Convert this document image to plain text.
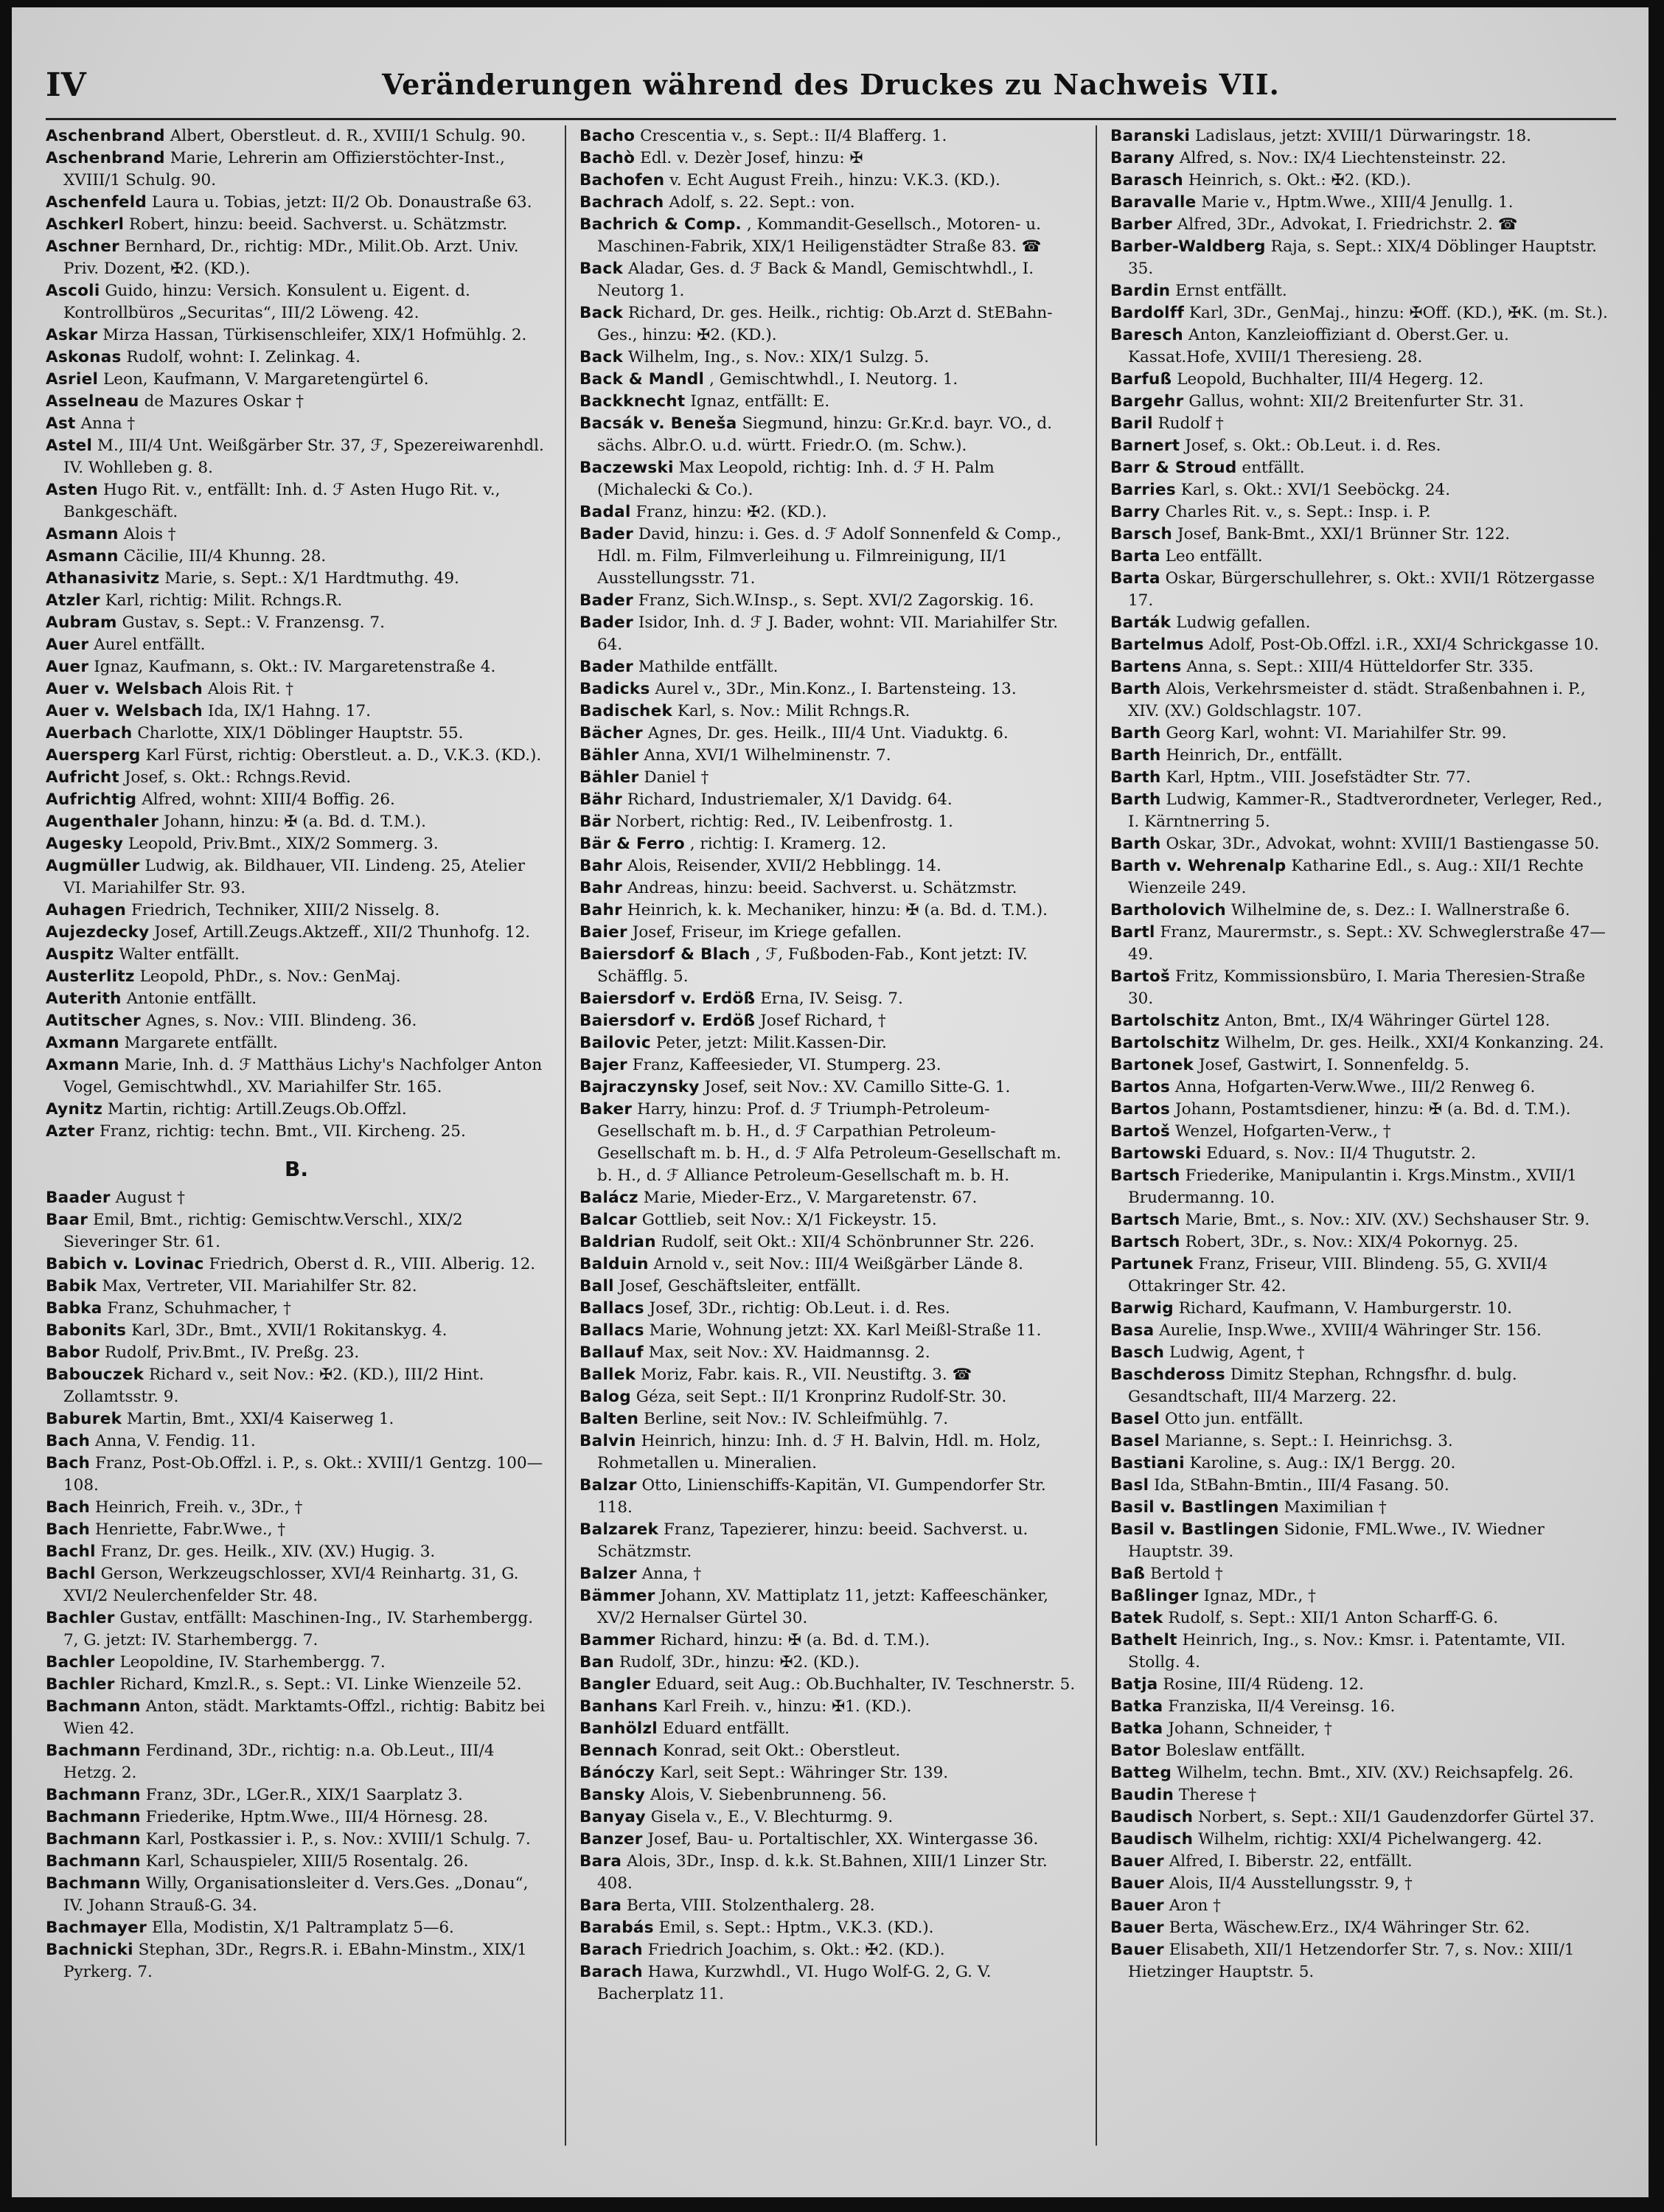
IV	Veränderungen während des Druckes zu Nachweis VII.

Aschenbrand Albert, Oberstleut. d. R., XVIII/1 Schulg. 90.

Aschenbrand Marie, Lehrerin am Offizierstöchter-Inst., XVIII/1 Schulg. 90.

Aschenfeld Laura u. Tobias, jetzt: II/2 Ob. Donaustraße 63.

Aschkerl Robert, hinzu: beeid. Sachverst. u. Schätzmstr.

Aschner Bernhard, Dr., richtig: MDr., Milit.Ob. Arzt. Univ. Priv. Dozent, ✠2. (KD.).

Ascoli Guido, hinzu: Versich. Konsulent u. Eigent. d. Kontrollbüros „Securitas“, III/2 Löweng. 42.

Askar Mirza Hassan, Türkisenschleifer, XIX/1 Hofmühlg. 2.

Askonas Rudolf, wohnt: I. Zelinkag. 4.

Asriel Leon, Kaufmann, V. Margaretengürtel 6.

Asselneau de Mazures Oskar †

Ast Anna †

Astel M., III/4 Unt. Weißgärber Str. 37, ℱ, Spezereiwarenhdl. IV. Wohlleben g. 8.

Asten Hugo Rit. v., entfällt: Inh. d. ℱ Asten Hugo Rit. v., Bankgeschäft.

Asmann Alois †

Asmann Cäcilie, III/4 Khunng. 28.

Athanasivitz Marie, s. Sept.: X/1 Hardtmuthg. 49.

Atzler Karl, richtig: Milit. Rchngs.R.

Aubram Gustav, s. Sept.: V. Franzensg. 7.

Auer Aurel entfällt.

Auer Ignaz, Kaufmann, s. Okt.: IV. Margaretenstraße 4.

Auer v. Welsbach Alois Rit. †

Auer v. Welsbach Ida, IX/1 Hahng. 17.

Auerbach Charlotte, XIX/1 Döblinger Hauptstr. 55.

Auersperg Karl Fürst, richtig: Oberstleut. a. D., V.K.3. (KD.).

Aufricht Josef, s. Okt.: Rchngs.Revid.

Aufrichtig Alfred, wohnt: XIII/4 Boffig. 26.

Augenthaler Johann, hinzu: ✠ (a. Bd. d. T.M.).

Augesky Leopold, Priv.Bmt., XIX/2 Sommerg. 3.

Augmüller Ludwig, ak. Bildhauer, VII. Lindeng. 25, Atelier VI. Mariahilfer Str. 93.

Auhagen Friedrich, Techniker, XIII/2 Nisselg. 8.

Aujezdecky Josef, Artill.Zeugs.Aktzeff., XII/2 Thunhofg. 12.

Auspitz Walter entfällt.

Austerlitz Leopold, PhDr., s. Nov.: GenMaj.

Auterith Antonie entfällt.

Autitscher Agnes, s. Nov.: VIII. Blindeng. 36.

Axmann Margarete entfällt.

Axmann Marie, Inh. d. ℱ Matthäus Lichy's Nachfolger Anton Vogel, Gemischtwhdl., XV. Mariahilfer Str. 165.

Aynitz Martin, richtig: Artill.Zeugs.Ob.Offzl.

Azter Franz, richtig: techn. Bmt., VII. Kircheng. 25.

B.

Baader August †

Baar Emil, Bmt., richtig: Gemischtw.Verschl., XIX/2 Sieveringer Str. 61.

Babich v. Lovinac Friedrich, Oberst d. R., VIII. Alberig. 12.

Babik Max, Vertreter, VII. Mariahilfer Str. 82.

Babka Franz, Schuhmacher, †

Babonits Karl, 3Dr., Bmt., XVII/1 Rokitanskyg. 4.

Babor Rudolf, Priv.Bmt., IV. Preßg. 23.

Babouczek Richard v., seit Nov.: ✠2. (KD.), III/2 Hint. Zollamtsstr. 9.

Baburek Martin, Bmt., XXI/4 Kaiserweg 1.

Bach Anna, V. Fendig. 11.

Bach Franz, Post-Ob.Offzl. i. P., s. Okt.: XVIII/1 Gentzg. 100—108.

Bach Heinrich, Freih. v., 3Dr., †

Bach Henriette, Fabr.Wwe., †

Bachl Franz, Dr. ges. Heilk., XIV. (XV.) Hugig. 3.

Bachl Gerson, Werkzeugschlosser, XVI/4 Reinhartg. 31, G. XVI/2 Neulerchenfelder Str. 48.

Bachler Gustav, entfällt: Maschinen-Ing., IV. Starhembergg. 7, G. jetzt: IV. Starhembergg. 7.

Bachler Leopoldine, IV. Starhembergg. 7.

Bachler Richard, Kmzl.R., s. Sept.: VI. Linke Wienzeile 52.

Bachmann Anton, städt. Marktamts-Offzl., richtig: Babitz bei Wien 42.

Bachmann Ferdinand, 3Dr., richtig: n.a. Ob.Leut., III/4 Hetzg. 2.

Bachmann Franz, 3Dr., LGer.R., XIX/1 Saarplatz 3.

Bachmann Friederike, Hptm.Wwe., III/4 Hörnesg. 28.

Bachmann Karl, Postkassier i. P., s. Nov.: XVIII/1 Schulg. 7.

Bachmann Karl, Schauspieler, XIII/5 Rosentalg. 26.

Bachmann Willy, Organisationsleiter d. Vers.Ges. „Donau“, IV. Johann Strauß-G. 34.

Bachmayer Ella, Modistin, X/1 Paltramplatz 5—6.

Bachnicki Stephan, 3Dr., Regrs.R. i. EBahn-Minstm., XIX/1 Pyrkerg. 7.

Bacho Crescentia v., s. Sept.: II/4 Blafferg. 1.

Bachò Edl. v. Dezèr Josef, hinzu: ✠

Bachofen v. Echt August Freih., hinzu: V.K.3. (KD.).

Bachrach Adolf, s. 22. Sept.: von.

Bachrich & Comp. , Kommandit-Gesellsch., Motoren- u. Maschinen-Fabrik, XIX/1 Heiligenstädter Straße 83. ☎

Back Aladar, Ges. d. ℱ Back & Mandl, Gemischtwhdl., I. Neutorg 1.

Back Richard, Dr. ges. Heilk., richtig: Ob.Arzt d. StEBahn-Ges., hinzu: ✠2. (KD.).

Back Wilhelm, Ing., s. Nov.: XIX/1 Sulzg. 5.

Back & Mandl , Gemischtwhdl., I. Neutorg. 1.

Backknecht Ignaz, entfällt: E.

Bacsák v. Beneša Siegmund, hinzu: Gr.Kr.d. bayr. VO., d. sächs. Albr.O. u.d. württ. Friedr.O. (m. Schw.).

Baczewski Max Leopold, richtig: Inh. d. ℱ H. Palm (Michalecki & Co.).

Badal Franz, hinzu: ✠2. (KD.).

Bader David, hinzu: i. Ges. d. ℱ Adolf Sonnenfeld & Comp., Hdl. m. Film, Filmverleihung u. Filmreinigung, II/1 Ausstellungsstr. 71.

Bader Franz, Sich.W.Insp., s. Sept. XVI/2 Zagorskig. 16.

Bader Isidor, Inh. d. ℱ J. Bader, wohnt: VII. Mariahilfer Str. 64.

Bader Mathilde entfällt.

Badicks Aurel v., 3Dr., Min.Konz., I. Bartensteing. 13.

Badischek Karl, s. Nov.: Milit Rchngs.R.

Bächer Agnes, Dr. ges. Heilk., III/4 Unt. Viaduktg. 6.

Bähler Anna, XVI/1 Wilhelminenstr. 7.

Bähler Daniel †

Bähr Richard, Industriemaler, X/1 Davidg. 64.

Bär Norbert, richtig: Red., IV. Leibenfrostg. 1.

Bär & Ferro , richtig: I. Kramerg. 12.

Bahr Alois, Reisender, XVII/2 Hebblingg. 14.

Bahr Andreas, hinzu: beeid. Sachverst. u. Schätzmstr.

Bahr Heinrich, k. k. Mechaniker, hinzu: ✠ (a. Bd. d. T.M.).

Baier Josef, Friseur, im Kriege gefallen.

Baiersdorf & Blach , ℱ, Fußboden-Fab., Kont jetzt: IV. Schäfflg. 5.

Baiersdorf v. Erdöß Erna, IV. Seisg. 7.

Baiersdorf v. Erdöß Josef Richard, †

Bailovic Peter, jetzt: Milit.Kassen-Dir.

Bajer Franz, Kaffeesieder, VI. Stumperg. 23.

Bajraczynsky Josef, seit Nov.: XV. Camillo Sitte-G. 1.

Baker Harry, hinzu: Prof. d. ℱ Triumph-Petroleum-Gesellschaft m. b. H., d. ℱ Carpathian Petroleum-Gesellschaft m. b. H., d. ℱ Alfa Petroleum-Gesellschaft m. b. H., d. ℱ Alliance Petroleum-Gesellschaft m. b. H.

Balácz Marie, Mieder-Erz., V. Margaretenstr. 67.

Balcar Gottlieb, seit Nov.: X/1 Fickeystr. 15.

Baldrian Rudolf, seit Okt.: XII/4 Schönbrunner Str. 226.

Balduin Arnold v., seit Nov.: III/4 Weißgärber Lände 8.

Ball Josef, Geschäftsleiter, entfällt.

Ballacs Josef, 3Dr., richtig: Ob.Leut. i. d. Res.

Ballacs Marie, Wohnung jetzt: XX. Karl Meißl-Straße 11.

Ballauf Max, seit Nov.: XV. Haidmannsg. 2.

Ballek Moriz, Fabr. kais. R., VII. Neustiftg. 3. ☎

Balog Géza, seit Sept.: II/1 Kronprinz Rudolf-Str. 30.

Balten Berline, seit Nov.: IV. Schleifmühlg. 7.

Balvin Heinrich, hinzu: Inh. d. ℱ H. Balvin, Hdl. m. Holz, Rohmetallen u. Mineralien.

Balzar Otto, Linienschiffs-Kapitän, VI. Gumpendorfer Str. 118.

Balzarek Franz, Tapezierer, hinzu: beeid. Sachverst. u. Schätzmstr.

Balzer Anna, †

Bämmer Johann, XV. Mattiplatz 11, jetzt: Kaffeeschänker, XV/2 Hernalser Gürtel 30.

Bammer Richard, hinzu: ✠ (a. Bd. d. T.M.).

Ban Rudolf, 3Dr., hinzu: ✠2. (KD.).

Bangler Eduard, seit Aug.: Ob.Buchhalter, IV. Teschnerstr. 5.

Banhans Karl Freih. v., hinzu: ✠1. (KD.).

Banhölzl Eduard entfällt.

Bennach Konrad, seit Okt.: Oberstleut.

Bánóczy Karl, seit Sept.: Währinger Str. 139.

Bansky Alois, V. Siebenbrunneng. 56.

Banyay Gisela v., E., V. Blechturmg. 9.

Banzer Josef, Bau- u. Portaltischler, XX. Wintergasse 36.

Bara Alois, 3Dr., Insp. d. k.k. St.Bahnen, XIII/1 Linzer Str. 408.

Bara Berta, VIII. Stolzenthalerg. 28.

Barabás Emil, s. Sept.: Hptm., V.K.3. (KD.).

Barach Friedrich Joachim, s. Okt.: ✠2. (KD.).

Barach Hawa, Kurzwhdl., VI. Hugo Wolf-G. 2, G. V. Bacherplatz 11.

Baranski Ladislaus, jetzt: XVIII/1 Dürwaringstr. 18.

Barany Alfred, s. Nov.: IX/4 Liechtensteinstr. 22.

Barasch Heinrich, s. Okt.: ✠2. (KD.).

Baravalle Marie v., Hptm.Wwe., XIII/4 Jenullg. 1.

Barber Alfred, 3Dr., Advokat, I. Friedrichstr. 2. ☎

Barber-Waldberg Raja, s. Sept.: XIX/4 Döblinger Hauptstr. 35.

Bardin Ernst entfällt.

Bardolff Karl, 3Dr., GenMaj., hinzu: ✠Off. (KD.), ✠K. (m. St.).

Baresch Anton, Kanzleioffiziant d. Oberst.Ger. u. Kassat.Hofe, XVIII/1 Theresieng. 28.

Barfuß Leopold, Buchhalter, III/4 Hegerg. 12.

Bargehr Gallus, wohnt: XII/2 Breitenfurter Str. 31.

Baril Rudolf †

Barnert Josef, s. Okt.: Ob.Leut. i. d. Res.

Barr & Stroud entfällt.

Barries Karl, s. Okt.: XVI/1 Seeböckg. 24.

Barry Charles Rit. v., s. Sept.: Insp. i. P.

Barsch Josef, Bank-Bmt., XXI/1 Brünner Str. 122.

Barta Leo entfällt.

Barta Oskar, Bürgerschullehrer, s. Okt.: XVII/1 Rötzergasse 17.

Barták Ludwig gefallen.

Bartelmus Adolf, Post-Ob.Offzl. i.R., XXI/4 Schrickgasse 10.

Bartens Anna, s. Sept.: XIII/4 Hütteldorfer Str. 335.

Barth Alois, Verkehrsmeister d. städt. Straßenbahnen i. P., XIV. (XV.) Goldschlagstr. 107.

Barth Georg Karl, wohnt: VI. Mariahilfer Str. 99.

Barth Heinrich, Dr., entfällt.

Barth Karl, Hptm., VIII. Josefstädter Str. 77.

Barth Ludwig, Kammer-R., Stadtverordneter, Verleger, Red., I. Kärntnerring 5.

Barth Oskar, 3Dr., Advokat, wohnt: XVIII/1 Bastiengasse 50.

Barth v. Wehrenalp Katharine Edl., s. Aug.: XII/1 Rechte Wienzeile 249.

Bartholovich Wilhelmine de, s. Dez.: I. Wallnerstraße 6.

Bartl Franz, Maurermstr., s. Sept.: XV. Schweglerstraße 47—49.

Bartoš Fritz, Kommissionsbüro, I. Maria Theresien-Straße 30.

Bartolschitz Anton, Bmt., IX/4 Währinger Gürtel 128.

Bartolschitz Wilhelm, Dr. ges. Heilk., XXI/4 Konkanzing. 24.

Bartonek Josef, Gastwirt, I. Sonnenfeldg. 5.

Bartos Anna, Hofgarten-Verw.Wwe., III/2 Renweg 6.

Bartos Johann, Postamtsdiener, hinzu: ✠ (a. Bd. d. T.M.).

Bartoš Wenzel, Hofgarten-Verw., †

Bartowski Eduard, s. Nov.: II/4 Thugutstr. 2.

Bartsch Friederike, Manipulantin i. Krgs.Minstm., XVII/1 Brudermanng. 10.

Bartsch Marie, Bmt., s. Nov.: XIV. (XV.) Sechshauser Str. 9.

Bartsch Robert, 3Dr., s. Nov.: XIX/4 Pokornyg. 25.

Partunek Franz, Friseur, VIII. Blindeng. 55, G. XVII/4 Ottakringer Str. 42.

Barwig Richard, Kaufmann, V. Hamburgerstr. 10.

Basa Aurelie, Insp.Wwe., XVIII/4 Währinger Str. 156.

Basch Ludwig, Agent, †

Baschdeross Dimitz Stephan, Rchngsfhr. d. bulg. Gesandtschaft, III/4 Marzerg. 22.

Basel Otto jun. entfällt.

Basel Marianne, s. Sept.: I. Heinrichsg. 3.

Bastiani Karoline, s. Aug.: IX/1 Bergg. 20.

Basl Ida, StBahn-Bmtin., III/4 Fasang. 50.

Basil v. Bastlingen Maximilian †

Basil v. Bastlingen Sidonie, FML.Wwe., IV. Wiedner Hauptstr. 39.

Baß Bertold †

Baßlinger Ignaz, MDr., †

Batek Rudolf, s. Sept.: XII/1 Anton Scharff-G. 6.

Bathelt Heinrich, Ing., s. Nov.: Kmsr. i. Patentamte, VII. Stollg. 4.

Batja Rosine, III/4 Rüdeng. 12.

Batka Franziska, II/4 Vereinsg. 16.

Batka Johann, Schneider, †

Bator Boleslaw entfällt.

Batteg Wilhelm, techn. Bmt., XIV. (XV.) Reichsapfelg. 26.

Baudin Therese †

Baudisch Norbert, s. Sept.: XII/1 Gaudenzdorfer Gürtel 37.

Baudisch Wilhelm, richtig: XXI/4 Pichelwangerg. 42.

Bauer Alfred, I. Biberstr. 22, entfällt.

Bauer Alois, II/4 Ausstellungsstr. 9, †

Bauer Aron †

Bauer Berta, Wäschew.Erz., IX/4 Währinger Str. 62.

Bauer Elisabeth, XII/1 Hetzendorfer Str. 7, s. Nov.: XIII/1 Hietzinger Hauptstr. 5.
